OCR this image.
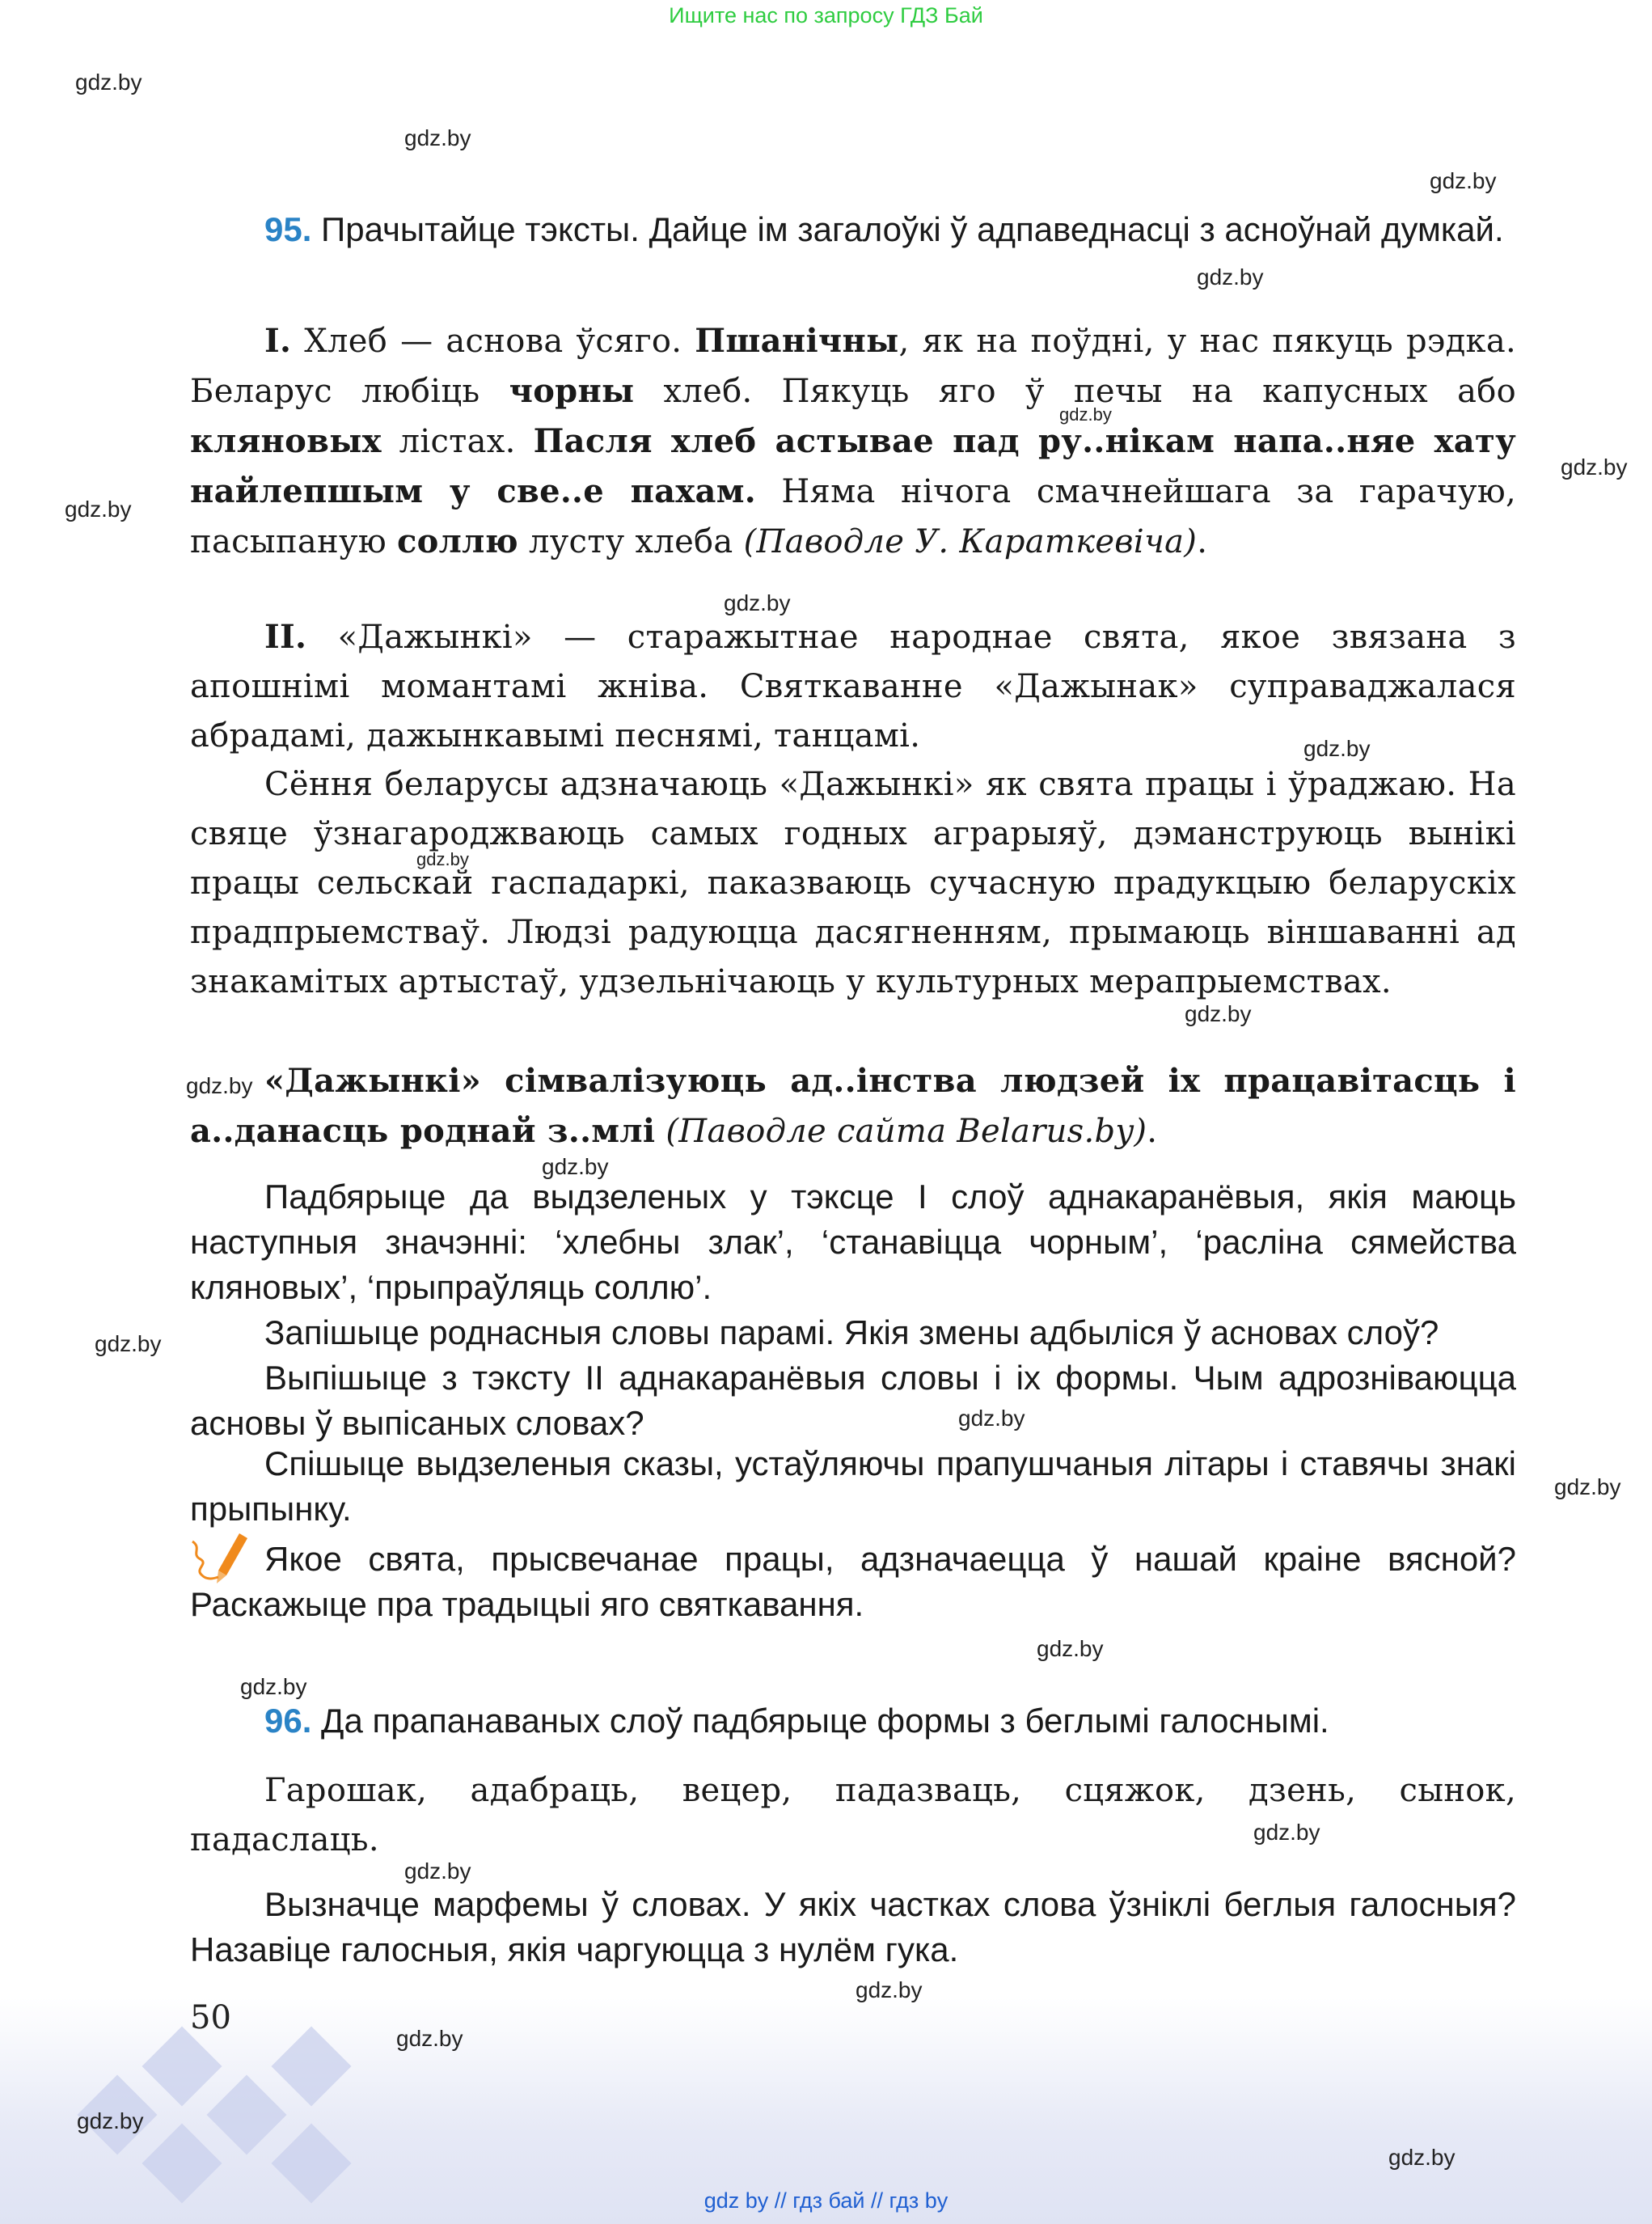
Ищите нас по запросу ГДЗ Бай
gdz.by
gdz.by
gdz.by
gdz.by
gdz.by
gdz.by
gdz.by
gdz.by
gdz.by
gdz.by
gdz.by
gdz.by
gdz.by
gdz.by
gdz.by
gdz.by
gdz.by
gdz.by
gdz.by
gdz.by
gdz.by
gdz.by
gdz.by
gdz.by

95. Прачытайце тэксты. Дайце ім загалоўкі ў адпаведнасці з асноўнай думкай.

I. Хлеб — аснова ўсяго. Пшанічны, як на поўдні, у нас пякуць рэдка. Беларус любіць чорны хлеб. Пякуць яго ў печы на капусных або кляновых лістах. Пасля хлеб астывае пад ру..нікам напа..няе хату найлепшым у све..е пахам. Няма нічога смачнейшага за гарачую, пасыпаную соллю лусту хлеба (Паводле У. Караткевіча).

II. «Дажынкі» — старажытнае народнае свята, якое звязана з апошнімі момантамі жніва. Святкаванне «Дажынак» суправаджалася абрадамі, дажынкавымі песнямі, танцамі.

Сёння беларусы адзначаюць «Дажынкі» як свята працы і ўраджаю. На свяце ўзнагароджваюць самых годных аграрыяў, дэманструюць вынікі працы сельскай гаспадаркі, паказваюць сучасную прадукцыю беларускіх прадпрыемстваў. Людзі радуюцца дасягненням, прымаюць віншаванні ад знакамітых артыстаў, удзельнічаюць у культурных мерапрыемствах.

«Дажынкі» сімвалізуюць ад..інства людзей іх працавітасць і а..данасць роднай з..млі (Паводле сайта Belarus.by).

Падбярыце да выдзеленых у тэксце I слоў аднакаранёвыя, якія маюць наступныя значэнні: ‘хлебны злак’, ‘станавіцца чорным’, ‘расліна сямейства кляновых’, ‘прыпраўляць соллю’.

Запішыце роднасныя словы парамі. Якія змены адбыліся ў асновах слоў?

Выпішыце з тэксту II аднакаранёвыя словы і іх формы. Чым адрозніваюцца асновы ў выпісаных словах?

Спішыце выдзеленыя сказы, устаўляючы прапушчаныя літары і ставячы знакі прыпынку.

Якое свята, прысвечанае працы, адзначаецца ў нашай краіне вясной? Раскажыце пра традыцыі яго святкавання.

96. Да прапанаваных слоў падбярыце формы з беглымі галоснымі.

Гарошак, адабраць, вецер, падазваць, сцяжок, дзень, сынок, падаслаць.

Вызначце марфемы ў словах. У якіх частках слова ўзніклі беглыя галосныя? Назавіце галосныя, якія чаргуюцца з нулём гука.

50
gdz by // гдз бай // гдз by
